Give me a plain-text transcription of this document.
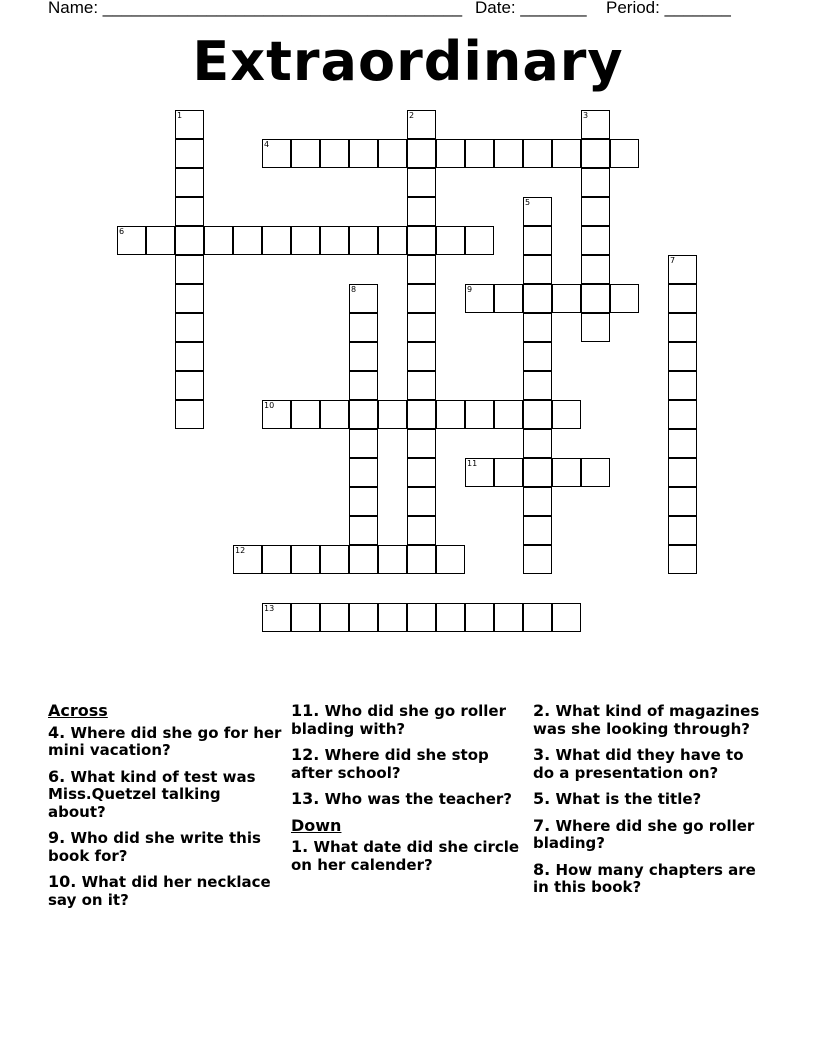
Name: ______________________________________

Date: _______

Period: _______

Extraordinary
1	2	3
4
5
6
7
8	9
10
11
12
13
Across
4. Where did she go for her mini vacation?
6. What kind of test was Miss.Quetzel talking about?
9. Who did she write this book for?
10. What did her necklace say on it?
11. Who did she go roller blading with?
12. Where did she stop after school?
13. Who was the teacher?
Down
1. What date did she circle on her calender?
2. What kind of magazines was she looking through?
3. What did they have to do a presentation on?
5. What is the title?
7. Where did she go roller blading?
8. How many chapters are in this book?
